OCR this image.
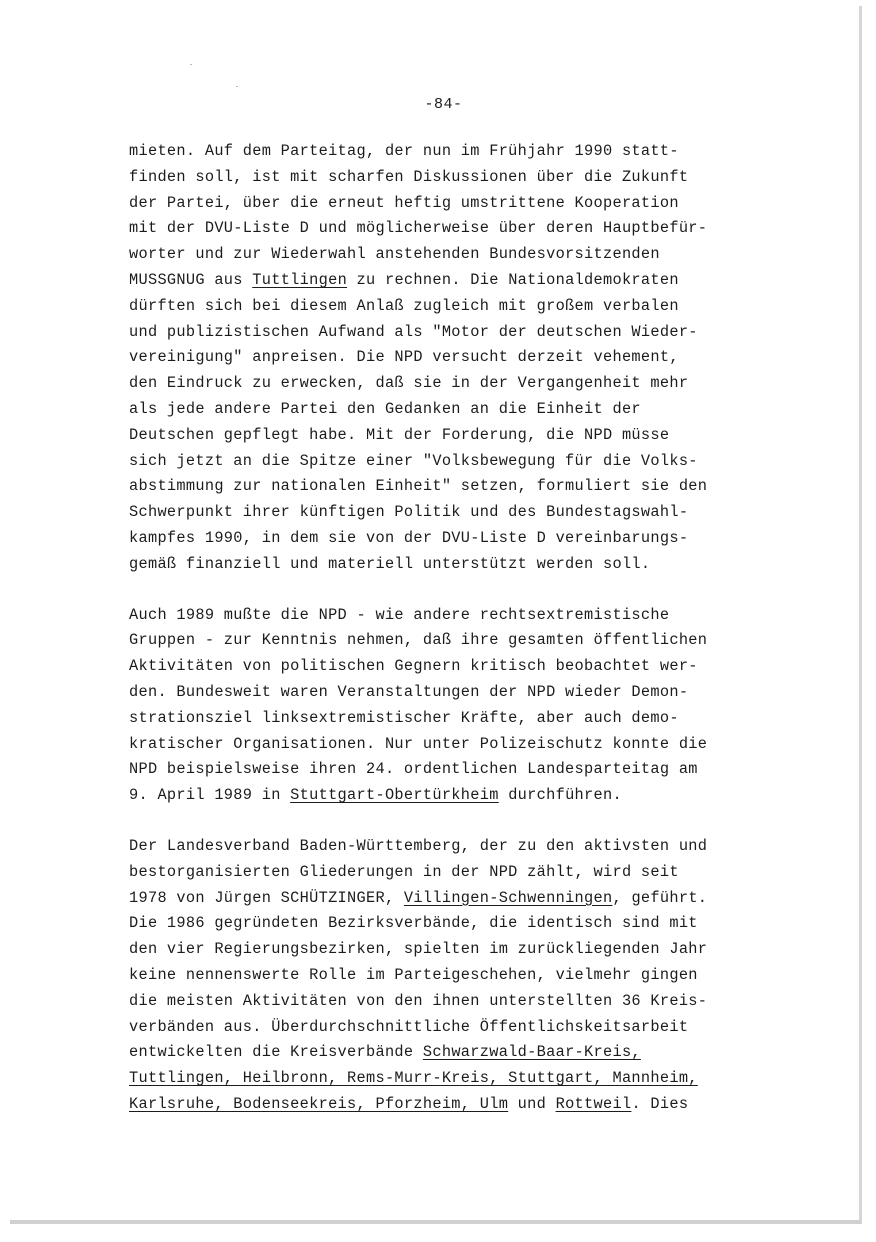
-84-
mieten. Auf dem Parteitag, der nun im Frühjahr 1990 statt-
finden soll, ist mit scharfen Diskussionen über die Zukunft
der Partei, über die erneut heftig umstrittene Kooperation
mit der DVU-Liste D und möglicherweise über deren Hauptbefür-
worter und zur Wiederwahl anstehenden Bundesvorsitzenden
MUSSGNUG aus Tuttlingen zu rechnen. Die Nationaldemokraten
dürften sich bei diesem Anlaß zugleich mit großem verbalen
und publizistischen Aufwand als "Motor der deutschen Wieder-
vereinigung" anpreisen. Die NPD versucht derzeit vehement,
den Eindruck zu erwecken, daß sie in der Vergangenheit mehr
als jede andere Partei den Gedanken an die Einheit der
Deutschen gepflegt habe. Mit der Forderung, die NPD müsse
sich jetzt an die Spitze einer "Volksbewegung für die Volks-
abstimmung zur nationalen Einheit" setzen, formuliert sie den
Schwerpunkt ihrer künftigen Politik und des Bundestagswahl-
kampfes 1990, in dem sie von der DVU-Liste D vereinbarungs-
gemäß finanziell und materiell unterstützt werden soll.
Auch 1989 mußte die NPD - wie andere rechtsextremistische
Gruppen - zur Kenntnis nehmen, daß ihre gesamten öffentlichen
Aktivitäten von politischen Gegnern kritisch beobachtet wer-
den. Bundesweit waren Veranstaltungen der NPD wieder Demon-
strationsziel linksextremistischer Kräfte, aber auch demo-
kratischer Organisationen. Nur unter Polizeischutz konnte die
NPD beispielsweise ihren 24. ordentlichen Landesparteitag am
9. April 1989 in Stuttgart-Obertürkheim durchführen.
Der Landesverband Baden-Württemberg, der zu den aktivsten und
bestorganisierten Gliederungen in der NPD zählt, wird seit
1978 von Jürgen SCHÜTZINGER, Villingen-Schwenningen, geführt.
Die 1986 gegründeten Bezirksverbände, die identisch sind mit
den vier Regierungsbezirken, spielten im zurückliegenden Jahr
keine nennenswerte Rolle im Parteigeschehen, vielmehr gingen
die meisten Aktivitäten von den ihnen unterstellten 36 Kreis-
verbänden aus. Überdurchschnittliche Öffentlichskeitsarbeit
entwickelten die Kreisverbände Schwarzwald-Baar-Kreis,
Tuttlingen, Heilbronn, Rems-Murr-Kreis, Stuttgart, Mannheim,
Karlsruhe, Bodenseekreis, Pforzheim, Ulm und Rottweil. Dies
